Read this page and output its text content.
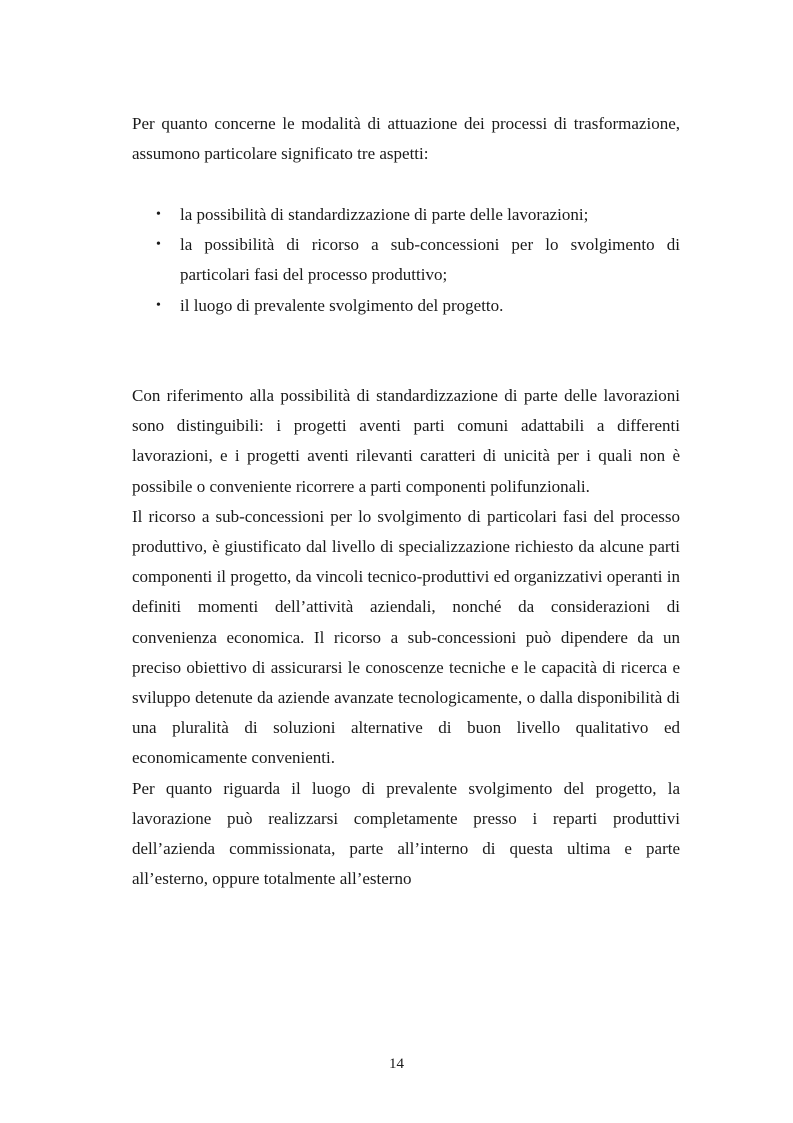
Per quanto concerne le modalità di attuazione dei processi di trasformazione, assumono particolare significato tre aspetti:

• la possibilità di standardizzazione di parte delle lavorazioni;
• la possibilità di ricorso a sub-concessioni per lo svolgimento di particolari fasi del processo produttivo;
• il luogo di prevalente svolgimento del progetto.

Con riferimento alla possibilità di standardizzazione di parte delle lavorazioni sono distinguibili: i progetti aventi parti comuni adattabili a differenti lavorazioni, e i progetti aventi rilevanti caratteri di unicità per i quali non è possibile o conveniente ricorrere a parti componenti polifunzionali.

Il ricorso a sub-concessioni per lo svolgimento di particolari fasi del processo produttivo, è giustificato dal livello di specializzazione richiesto da alcune parti componenti il progetto, da vincoli tecnico-produttivi ed organizzativi operanti in definiti momenti dell’attività aziendali, nonché da considerazioni di convenienza economica. Il ricorso a sub-concessioni può dipendere da un preciso obiettivo di assicurarsi le conoscenze tecniche e le capacità di ricerca e sviluppo detenute da aziende avanzate tecnologicamente, o dalla disponibilità di una pluralità di soluzioni alternative di buon livello qualitativo ed economicamente convenienti.

Per quanto riguarda il luogo di prevalente svolgimento del progetto, la lavorazione può realizzarsi completamente presso i reparti produttivi dell’azienda commissionata, parte all’interno di questa ultima e parte all’esterno, oppure totalmente all’esterno

14
